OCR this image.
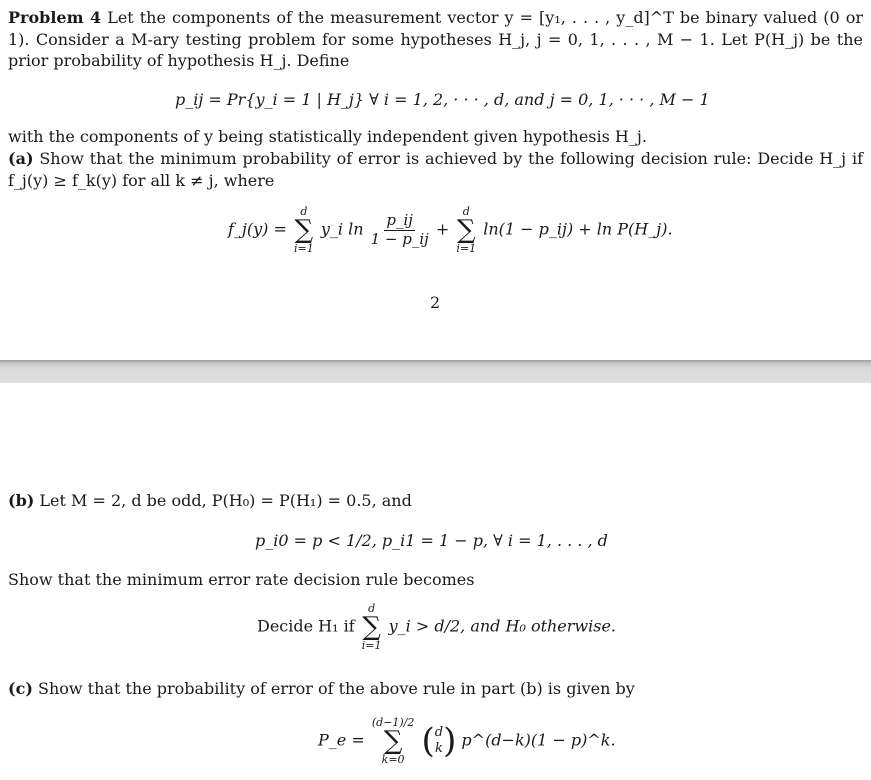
Problem 4 Let the components of the measurement vector y = [y₁, . . . , y_d]^T be binary valued (0 or 1). Consider a M-ary testing problem for some hypotheses H_j, j = 0, 1, . . . , M − 1. Let P(H_j) be the prior probability of hypothesis H_j. Define
p_ij = Pr{y_i = 1 | H_j} ∀ i = 1, 2, · · · , d, and j = 0, 1, · · · , M − 1
with the components of y being statistically independent given hypothesis H_j.
(a) Show that the minimum probability of error is achieved by the following decision rule: Decide H_j if f_j(y) ≥ f_k(y) for all k ≠ j, where
f_j(y) =
d
∑
i=1
y_i $\ln \frac{p\_ij}{1 - p\_ij}$ +
d
∑
i=1
ln(1 − p_ij) + ln P(H_j).
2
(b) Let M = 2, d be odd, P(H₀) = P(H₁) = 0.5, and
p_i0 = p < 1/2, p_i1 = 1 − p, ∀ i = 1, . . . , d
Show that the minimum error rate decision rule becomes
Decide H₁ if
d
∑
i=1
y_i > d/2, and H₀ otherwise.
(c) Show that the probability of error of the above rule in part (b) is given by
P_e =
(d−1)/2
∑
k=0
( d
k ) p^(d−k)(1 − p)^k.
